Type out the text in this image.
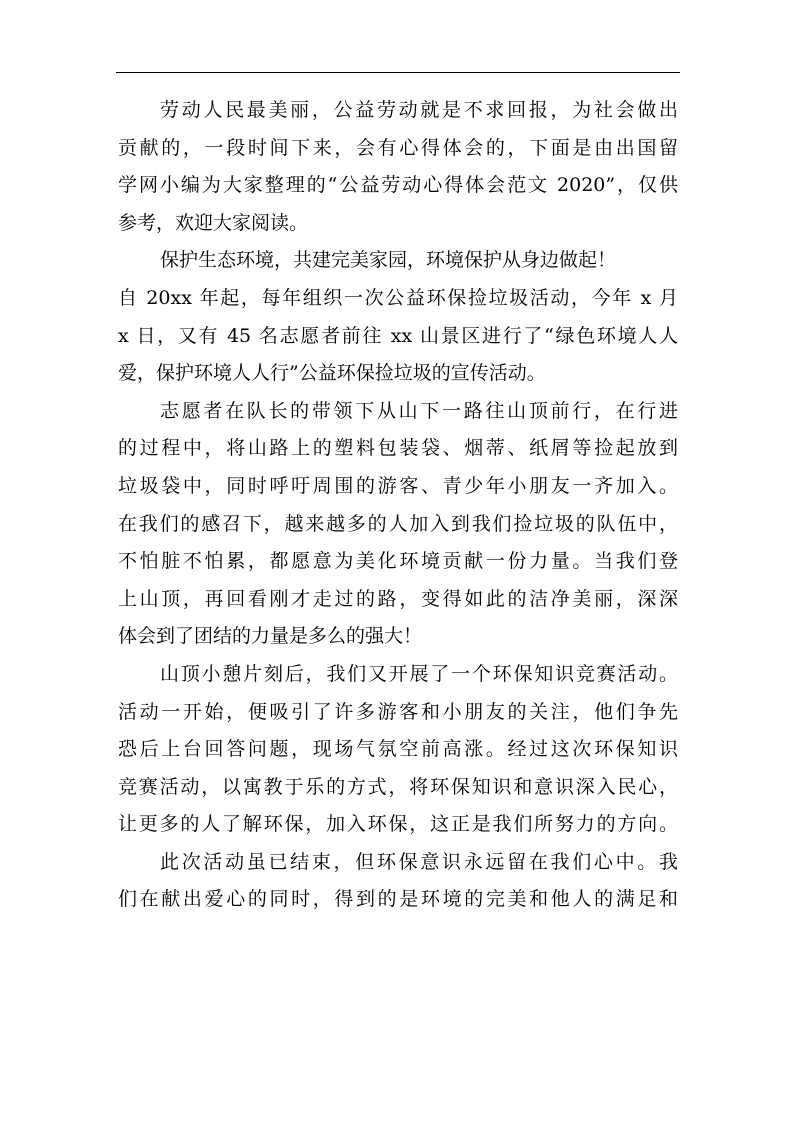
劳动人民最美丽，公益劳动就是不求回报，为社会做出
贡献的，一段时间下来，会有心得体会的，下面是由出国留
学网小编为大家整理的“公益劳动心得体会范文 2020”，仅供
参考，欢迎大家阅读。
保护生态环境，共建完美家园，环境保护从身边做起！
自 20xx 年起，每年组织一次公益环保捡垃圾活动，今年 x 月
x 日，又有 45 名志愿者前往 xx 山景区进行了“绿色环境人人
爱，保护环境人人行”公益环保捡垃圾的宣传活动。
志愿者在队长的带领下从山下一路往山顶前行，在行进
的过程中，将山路上的塑料包装袋、烟蒂、纸屑等捡起放到
垃圾袋中，同时呼吁周围的游客、青少年小朋友一齐加入。
在我们的感召下，越来越多的人加入到我们捡垃圾的队伍中，
不怕脏不怕累，都愿意为美化环境贡献一份力量。当我们登
上山顶，再回看刚才走过的路，变得如此的洁净美丽，深深
体会到了团结的力量是多么的强大！
山顶小憩片刻后，我们又开展了一个环保知识竞赛活动。
活动一开始，便吸引了许多游客和小朋友的关注，他们争先
恐后上台回答问题，现场气氛空前高涨。经过这次环保知识
竞赛活动，以寓教于乐的方式，将环保知识和意识深入民心，
让更多的人了解环保，加入环保，这正是我们所努力的方向。
此次活动虽已结束，但环保意识永远留在我们心中。我
们在献出爱心的同时，得到的是环境的完美和他人的满足和
